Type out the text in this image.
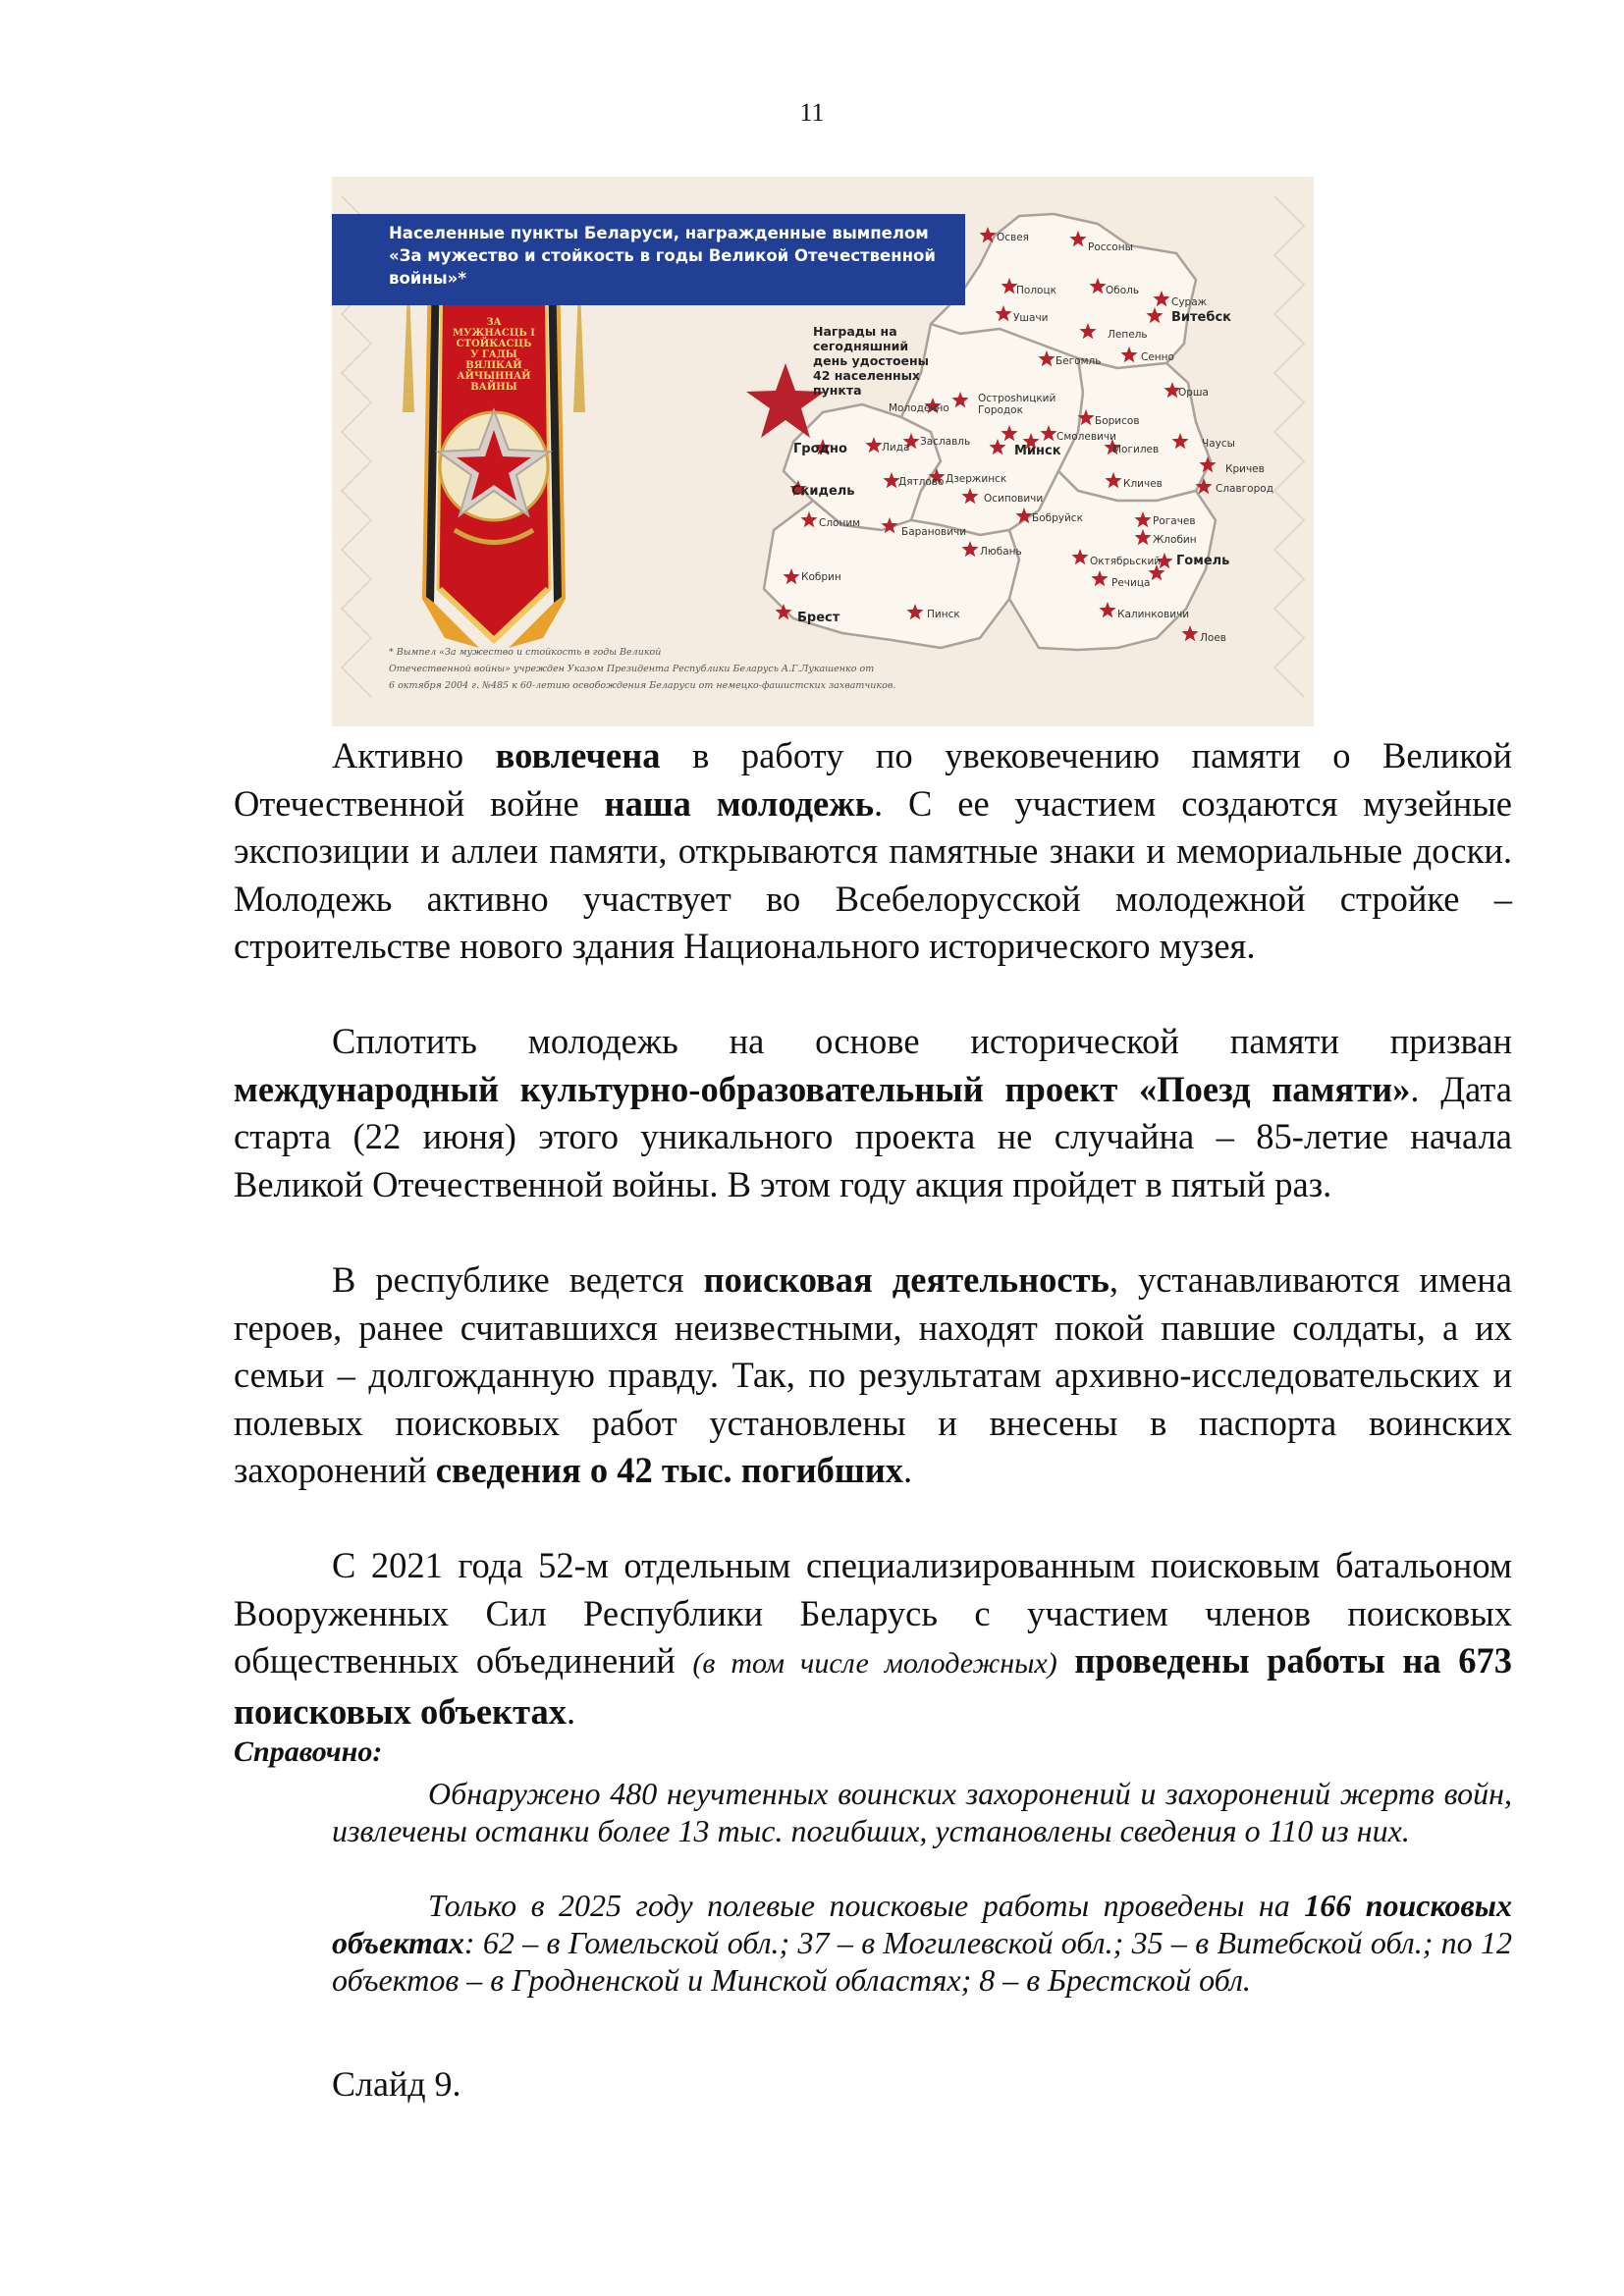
11
Населенные пункты Беларуси, награжденные вымпелом
«За мужество и стойкость в годы Великой Отечественной
войны»*
ЗА
МУЖНАСЦЬ І СТОЙКАСЦЬ
У ГАДЫ
ВЯЛІКАЙ АЙЧЫННАЙ ВАЙНЫ
Награды на сегодняшний день удостоены 42 населенных пункта
Освея
Россоны
Полоцк	Оболь
Сураж
Ушачи	Витебск
Лепель
Сенно
Бегомль
Орша
Остроshицкий Городок
Молодечно
Борисов
Смолевичи
Гродно	Лида Заславль
Минск	Могилев	Чаусы
Кричев
Скидель
Дятлово Дзержинск	Кличев	Славгород
Осиповичи
Слоним	Бобруйск	Рогачев
Барановичи
Жлобин
Любань
Октябрьский Гомель
Кобрин	Речица
Брест	Пинск	Калинковичи
Лоев
* Вымпел «За мужество и стойкость в годы Великой
Отечественной войны» учрежден Указом Президента Республики Беларусь А.Г.Лукашенко от
6 октября 2004 г. №485 к 60-летию освобождения Беларуси от немецко-фашистских захватчиков.

Активно вовлечена в работу по увековечению памяти о Великой Отечественной войне наша молодежь. С ее участием создаются музейные экспозиции и аллеи памяти, открываются памятные знаки и мемориальные доски. Молодежь активно участвует во Всебелорусской молодежной стройке – строительстве нового здания Национального исторического музея.

Сплотить молодежь на основе исторической памяти призван международный культурно-образовательный проект «Поезд памяти». Дата старта (22 июня) этого уникального проекта не случайна – 85-летие начала Великой Отечественной войны. В этом году акция пройдет в пятый раз.

В республике ведется поисковая деятельность, устанавливаются имена героев, ранее считавшихся неизвестными, находят покой павшие солдаты, а их семьи – долгожданную правду. Так, по результатам архивно-исследовательских и полевых поисковых работ установлены и внесены в паспорта воинских захоронений сведения о 42 тыс. погибших.

С 2021 года 52-м отдельным специализированным поисковым батальоном Вооруженных Сил Республики Беларусь с участием членов поисковых общественных объединений (в том числе молодежных) проведены работы на 673 поисковых объектах.

Справочно:

Обнаружено 480 неучтенных воинских захоронений и захоронений жертв войн, извлечены останки более 13 тыс. погибших, установлены сведения о 110 из них.

Только в 2025 году полевые поисковые работы проведены на 166 поисковых объектах: 62 – в Гомельской обл.; 37 – в Могилевской обл.; 35 – в Витебской обл.; по 12 объектов – в Гродненской и Минской областях; 8 – в Брестской обл.

Слайд 9.
